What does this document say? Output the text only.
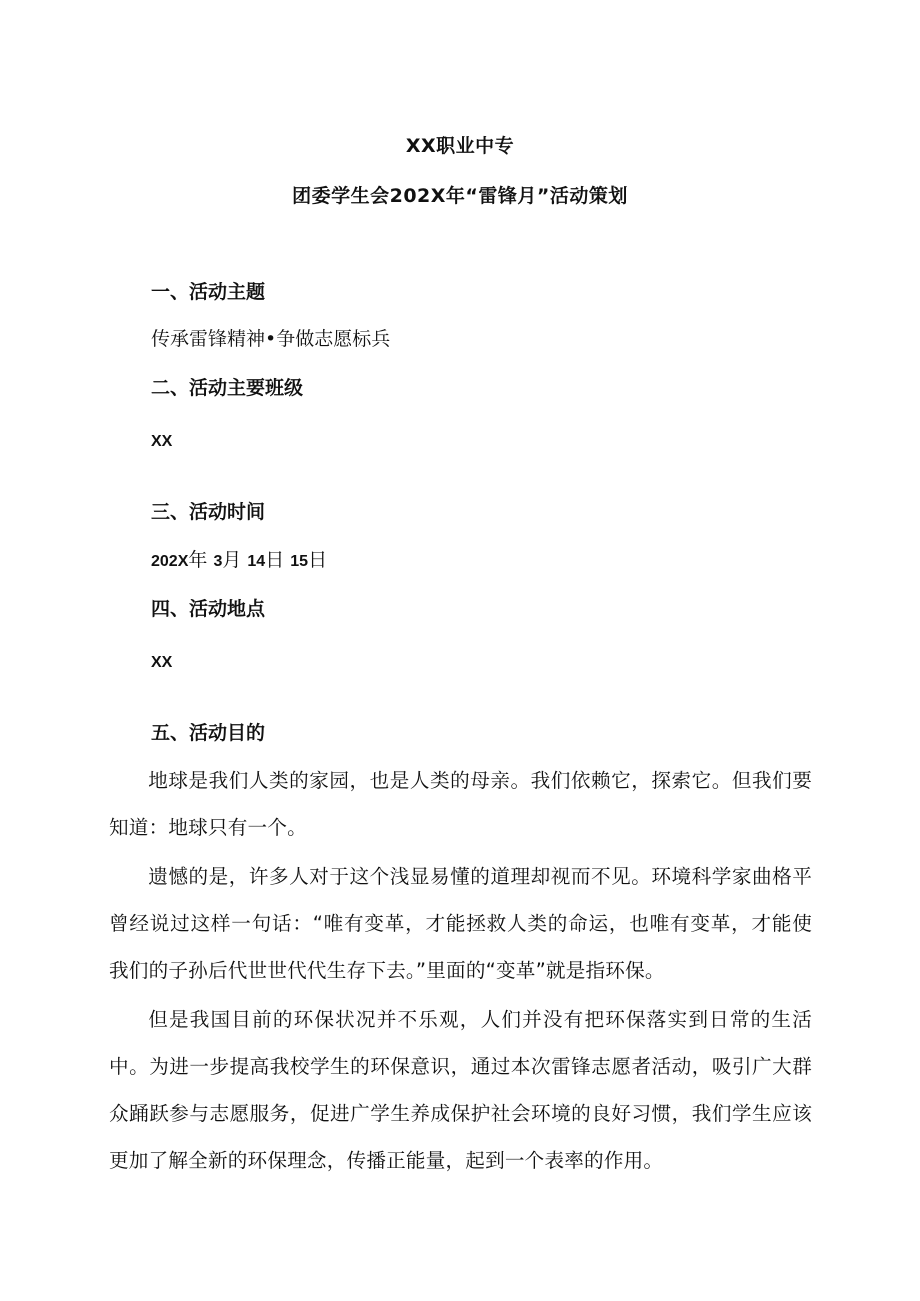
XX职业中专
团委学生会202X年“雷锋月”活动策划
一、活动主题
传承雷锋精神•争做志愿标兵
二、活动主要班级
XX
三、活动时间
202X年 3月 14日 15日
四、活动地点
XX
五、活动目的

地球是我们人类的家园，也是人类的母亲。我们依赖它，探索它。但我们要知道：地球只有一个。

遗憾的是，许多人对于这个浅显易懂的道理却视而不见。环境科学家曲格平曾经说过这样一句话：“唯有变革，才能拯救人类的命运，也唯有变革，才能使我们的子孙后代世世代代生存下去。”里面的“变革”就是指环保。

但是我国目前的环保状况并不乐观，人们并没有把环保落实到日常的生活中。为进一步提高我校学生的环保意识，通过本次雷锋志愿者活动，吸引广大群众踊跃参与志愿服务，促进广学生养成保护社会环境的良好习惯，我们学生应该更加了解全新的环保理念，传播正能量，起到一个表率的作用。
